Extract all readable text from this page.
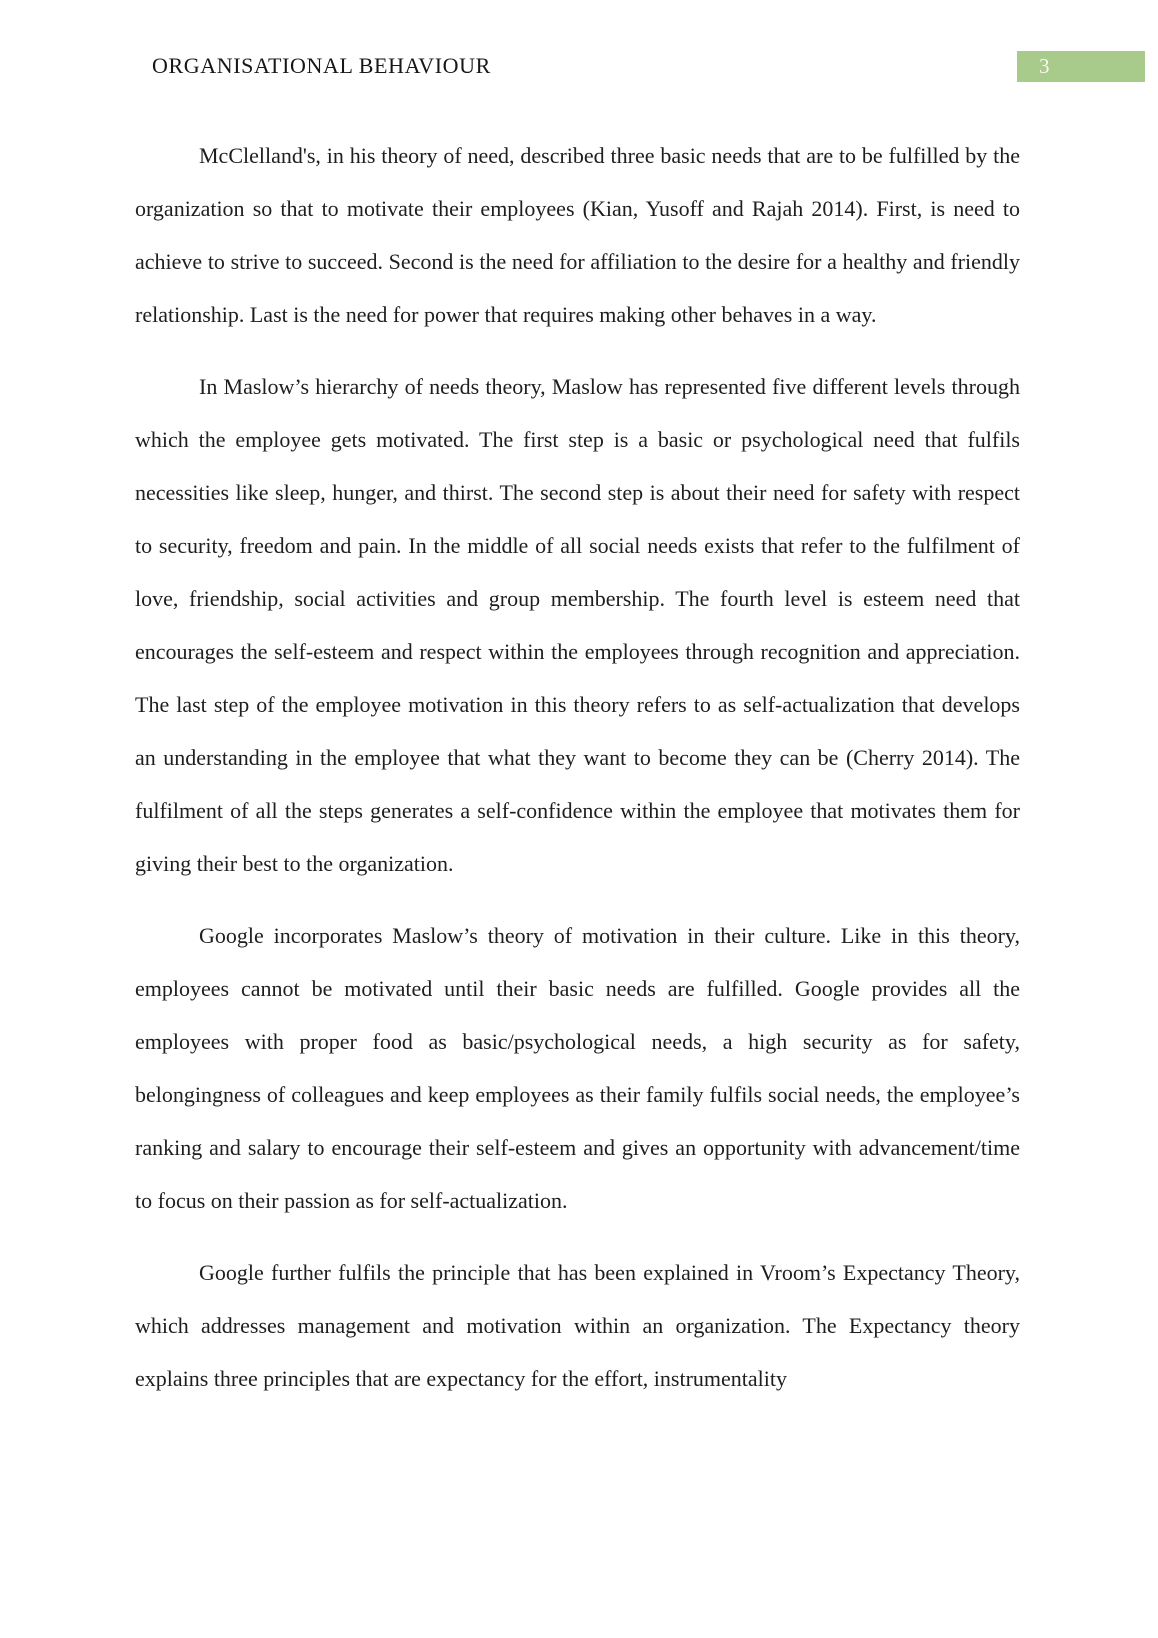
ORGANISATIONAL BEHAVIOUR	3

McClelland's, in his theory of need, described three basic needs that are to be fulfilled by the organization so that to motivate their employees (Kian, Yusoff and Rajah 2014). First, is need to achieve to strive to succeed. Second is the need for affiliation to the desire for a healthy and friendly relationship. Last is the need for power that requires making other behaves in a way.

In Maslow’s hierarchy of needs theory, Maslow has represented five different levels through which the employee gets motivated. The first step is a basic or psychological need that fulfils necessities like sleep, hunger, and thirst. The second step is about their need for safety with respect to security, freedom and pain. In the middle of all social needs exists that refer to the fulfilment of love, friendship, social activities and group membership. The fourth level is esteem need that encourages the self-esteem and respect within the employees through recognition and appreciation. The last step of the employee motivation in this theory refers to as self-actualization that develops an understanding in the employee that what they want to become they can be (Cherry 2014). The fulfilment of all the steps generates a self-confidence within the employee that motivates them for giving their best to the organization.

Google incorporates Maslow’s theory of motivation in their culture. Like in this theory, employees cannot be motivated until their basic needs are fulfilled. Google provides all the employees with proper food as basic/psychological needs, a high security as for safety, belongingness of colleagues and keep employees as their family fulfils social needs, the employee’s ranking and salary to encourage their self-esteem and gives an opportunity with advancement/time to focus on their passion as for self-actualization.

Google further fulfils the principle that has been explained in Vroom’s Expectancy Theory, which addresses management and motivation within an organization. The Expectancy theory explains three principles that are expectancy for the effort, instrumentality
